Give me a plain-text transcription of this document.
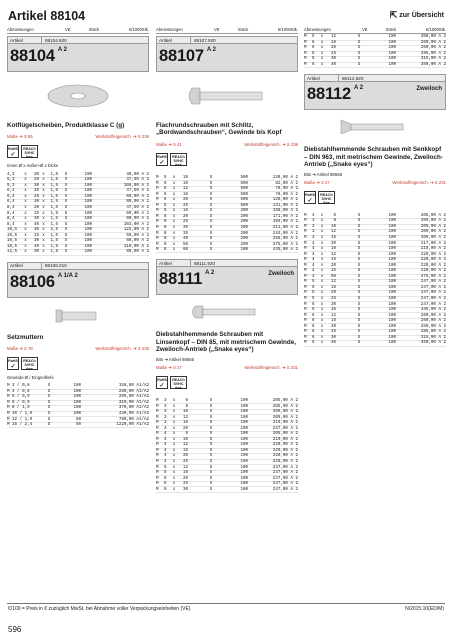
Artikel 88104	⇱ zur Übersicht
Abmessungen	VE	Stück	€/1000Stk.
Artikel	88104.920
88104 A 2
Kotflügelscheiben, Produktklasse C (g)
Maße ➔ S 85	Werkstoffeigensch. ➔ S 236
RoHS
✓
REACh SVHC free
Innen-Ø x Außen-Ø x Dicke
4,3	x	20 x	1,5	S	100	38,00 A 2
5,3	x	20 x	1,5	S	100	47,50 A 2
5,3	x	30 x	1,5	S	100	106,00 A 2
6,4	x	20 x	1,5	S	100	47,50 A 2
6,4	x	25 x	1,5	S	100	60,00 A 2
6,4	x	30 x	1,5	S	100	80,00 A 2
8,4	x	20 x	1,5	S	100	47,50 A 2
8,4	x	25 x	1,5	S	100	60,00 A 2
8,4	x	30 x	1,5	S	100	80,00 A 2
8,4	x	40 x	1,5	S	100	103,00 A 2
10,5	x	30 x	2,5	S	100	122,00 A 2
10,5	x	25 x	1,5	S	100	68,00 A 2
10,5	x	30 x	1,5	S	100	88,00 A 2
10,5	x	40 x	1,5	S	100	110,00 A 2
12,5	x	30 x	1,5	S	100	88,00 A 2
Artikel	88106.010
88106 A 1/A 2
Setzmuttern
Maße ➔ S 78	Werkstoffeigensch. ➔ S 236
RoHS
✓
REACh SVHC free
Gewinde-Ø / Eingreiftiefe
M 3 / 0,8	S	100	158,00 A1/A2
M 4 / 0,8	S	100	280,00 A1/A2
M 5 / 0,9	S	100	295,00 A1/A2
M 6 / 0,9	S	100	310,00 A1/A2
M 8 / 1,9	S	100	370,00 A1/A2
M 10 / 1,9	S	100	430,00 A1/A2
M 12 / 1,9	S	50	780,00 A1/A2
M 16 / 2,4	S	50	1220,00 A1/A2
Abmessungen	VE	Stück	€/1000Stk.
Artikel	88107.920
88107 A 2
Flachrundschrauben mit Schlitz, „Bordwandschrauben“, Gewinde bis Kopf
Maße ➔ S 41	Werkstoffeigensch. ➔ S 236
RoHS
✓
REACh SVHC free
M	5	x	10	S	500	130,00 A 2
M	6	x	10	S	500	82,00 A 2
M	6	x	12	S	500	78,00 A 2
M	6	x	16	S	500	78,00 A 2
M	6	x	20	S	500	120,00 A 2
M	6	x	25	S	500	131,00 A 2
M	8	x	16	S	200	158,00 A 2
M	8	x	20	S	200	171,00 A 2
M	8	x	25	S	200	194,00 A 2
M	8	x	30	S	200	211,00 A 2
M	8	x	35	S	200	243,00 A 2
M	8	x	40	S	200	255,00 A 2
M	8	x	50	S	200	275,00 A 2
M	8	x	60	S	100	435,00 A 2
Artikel	88111.920
88111 A 2	Zweiloch
Diebstahlhemmende Schrauben mit Linsenkopf – DIN 85, mit metrischem Gewinde, Zweiloch-Antrieb („Snake eyes“)
Bits ➔ Artikel 88665
Maße ➔ S 27	Werkstoffeigensch. ➔ S 231
RoHS
✓
REACh SVHC free
M	3	x	6	S	100	205,00 A 2
M	3	x	8	S	100	205,00 A 2
M	3	x	10	S	100	209,00 A 2
M	3	x	12	S	100	209,00 A 2
M	3	x	16	S	100	219,00 A 2
M	3	x	20	S	100	237,00 A 2
M	4	x	6	S	100	205,00 A 2
M	4	x	10	S	100	210,00 A 2
M	4	x	12	S	100	220,00 A 2
M	4	x	16	S	100	220,00 A 2
M	4	x	20	S	100	220,00 A 2
M	4	x	25	S	100	220,00 A 2
M	5	x	12	S	100	247,00 A 2
M	5	x	16	S	100	247,00 A 2
M	5	x	20	S	100	247,00 A 2
M	5	x	25	S	100	247,00 A 2
M	5	x	30	S	100	247,00 A 2
Abmessungen	VE	Stück	€/1000Stk.
M	6	x	12	S	100	200,00 A 2
M	6	x	16	S	100	260,00 A 2
M	6	x	20	S	100	260,00 A 2
M	6	x	25	S	100	285,00 A 2
M	6	x	30	S	100	315,00 A 2
M	6	x	40	S	100	350,00 A 2
Artikel	88112.920
88112 A 2	Zweiloch
Diebstahlhemmende Schrauben mit Senkkopf – DIN 963, mit metrischem Gewinde, Zweiloch-Antrieb („Snake eyes“)
Bits ➔ Artikel 88665
Maße ➔ S 27	Werkstoffeigensch. ➔ S 231
RoHS
✓
REACh SVHC free
M	3	x	6	S	100	205,00 A 2
M	3	x	8	S	100	209,00 A 2
M	3	x	10	S	100	209,00 A 2
M	3	x	12	S	100	209,00 A 2
M	3	x	16	S	100	209,00 A 2
M	3	x	20	S	100	217,00 A 2
M	4	x	10	S	100	219,00 A 2
M	4	x	12	S	100	220,00 A 2
M	4	x	16	S	100	220,00 A 2
M	4	x	20	S	100	220,00 A 2
M	4	x	25	S	100	220,00 A 2
M	4	x	50	S	100	475,00 A 2
M	5	x	12	S	100	247,00 A 2
M	5	x	16	S	100	247,00 A 2
M	5	x	20	S	100	247,00 A 2
M	5	x	25	S	100	247,00 A 2
M	5	x	30	S	100	247,00 A 2
M	5	x	35	S	100	445,00 A 2
M	6	x	12	S	100	260,00 A 2
M	6	x	16	S	100	260,00 A 2
M	6	x	20	S	100	260,00 A 2
M	6	x	25	S	100	285,00 A 2
M	6	x	30	S	100	315,00 A 2
M	6	x	40	S	100	350,00 A 2
€/100 = Preis in € zuzüglich MwSt. bei Abnahme voller Verpackungseinheiten (VE)	N/2015:10(ED/M)
596
